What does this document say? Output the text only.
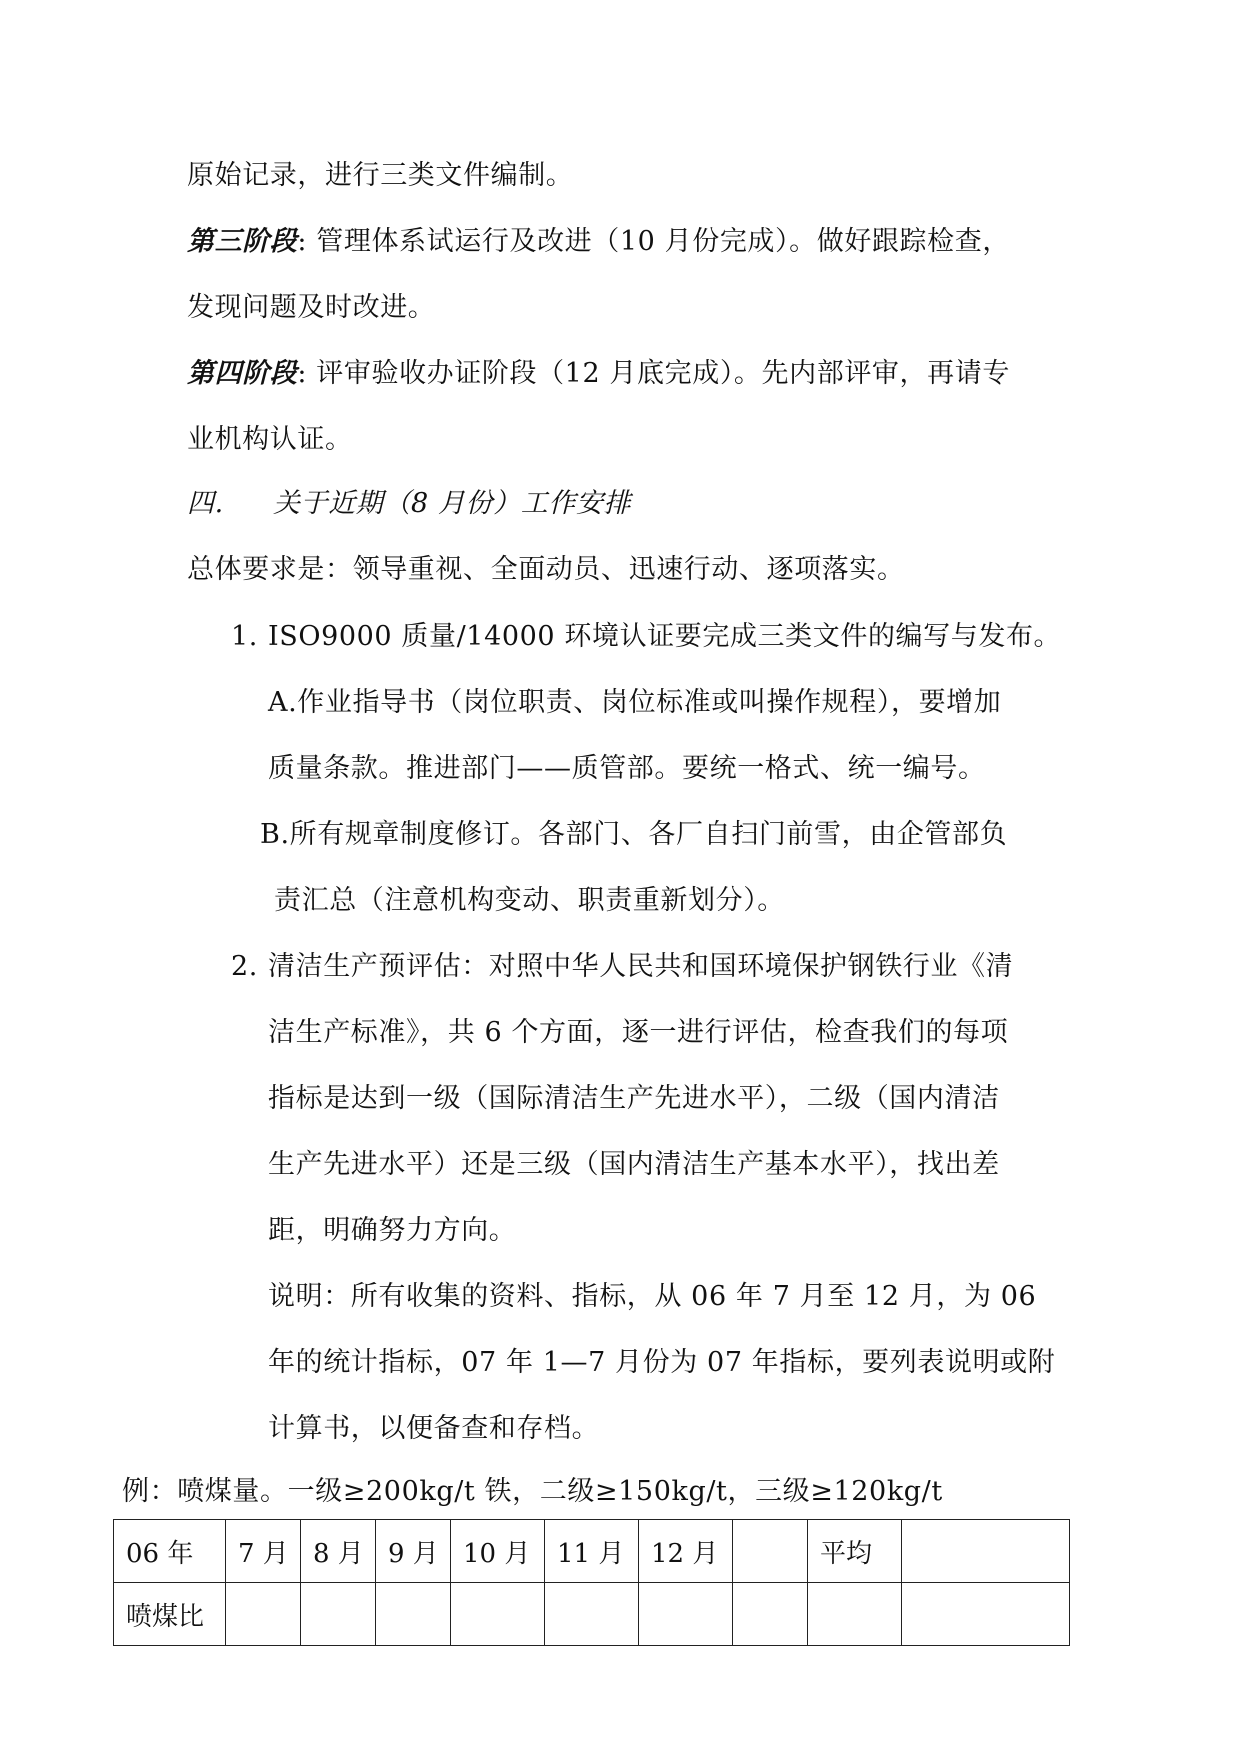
原始记录，进行三类文件编制。
第三阶段: 管理体系试运行及改进（10 月份完成）。做好跟踪检查，
发现问题及时改进。
第四阶段: 评审验收办证阶段（12 月底完成）。先内部评审，再请专
业机构认证。
四. 关于近期（8 月份）工作安排
总体要求是：领导重视、全面动员、迅速行动、逐项落实。
1. ISO9000 质量/14000 环境认证要完成三类文件的编写与发布。
A.作业指导书（岗位职责、岗位标准或叫操作规程），要增加
质量条款。推进部门——质管部。要统一格式、统一编号。
B.所有规章制度修订。各部门、各厂自扫门前雪，由企管部负
责汇总（注意机构变动、职责重新划分）。
2. 清洁生产预评估：对照中华人民共和国环境保护钢铁行业《清
洁生产标准》，共 6 个方面，逐一进行评估，检查我们的每项
指标是达到一级（国际清洁生产先进水平），二级（国内清洁
生产先进水平）还是三级（国内清洁生产基本水平），找出差
距，明确努力方向。
说明：所有收集的资料、指标，从 06 年 7 月至 12 月，为 06
年的统计指标，07 年 1—7 月份为 07 年指标，要列表说明或附
计算书，以便备查和存档。
例：喷煤量。一级≥200kg/t 铁，二级≥150kg/t，三级≥120kg/t
06 年	7 月	8 月	9 月	10 月	11 月	12 月		平均	
喷煤比									
